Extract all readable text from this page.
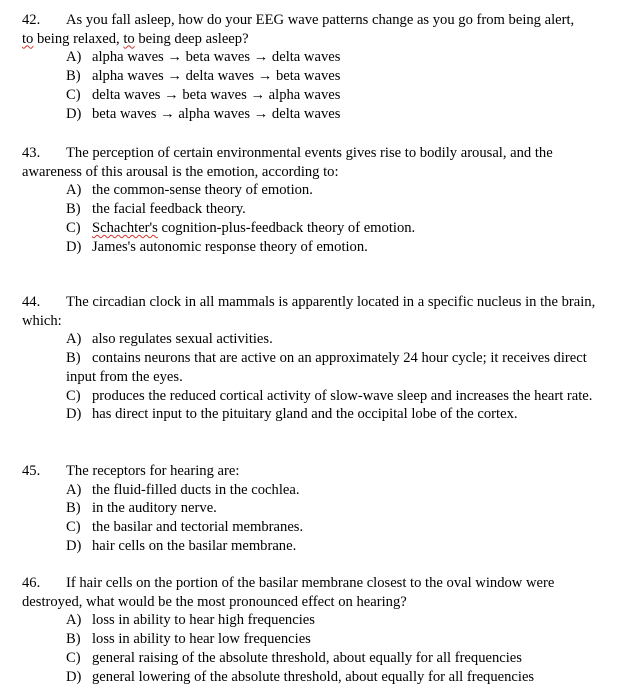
42. As you fall asleep, how do your EEG wave patterns change as you go from being alert,
to being relaxed, to being deep asleep?

A) alpha waves → beta waves → delta waves
B) alpha waves → delta waves → beta waves
C) delta waves → beta waves → alpha waves
D) beta waves → alpha waves → delta waves

43. The perception of certain environmental events gives rise to bodily arousal, and the awareness of this arousal is the emotion, according to:

A) the common-sense theory of emotion.
B) the facial feedback theory.
C) Schachter's cognition-plus-feedback theory of emotion.
D) James's autonomic response theory of emotion.

44. The circadian clock in all mammals is apparently located in a specific nucleus in the brain, which:

A) also regulates sexual activities.
B) contains neurons that are active on an approximately 24 hour cycle; it receives direct input from the eyes.
C) produces the reduced cortical activity of slow-wave sleep and increases the heart rate.
D) has direct input to the pituitary gland and the occipital lobe of the cortex.

45. The receptors for hearing are:

A) the fluid-filled ducts in the cochlea.
B) in the auditory nerve.
C) the basilar and tectorial membranes.
D) hair cells on the basilar membrane.

46. If hair cells on the portion of the basilar membrane closest to the oval window were destroyed, what would be the most pronounced effect on hearing?

A) loss in ability to hear high frequencies
B) loss in ability to hear low frequencies
C) general raising of the absolute threshold, about equally for all frequencies
D) general lowering of the absolute threshold, about equally for all frequencies
